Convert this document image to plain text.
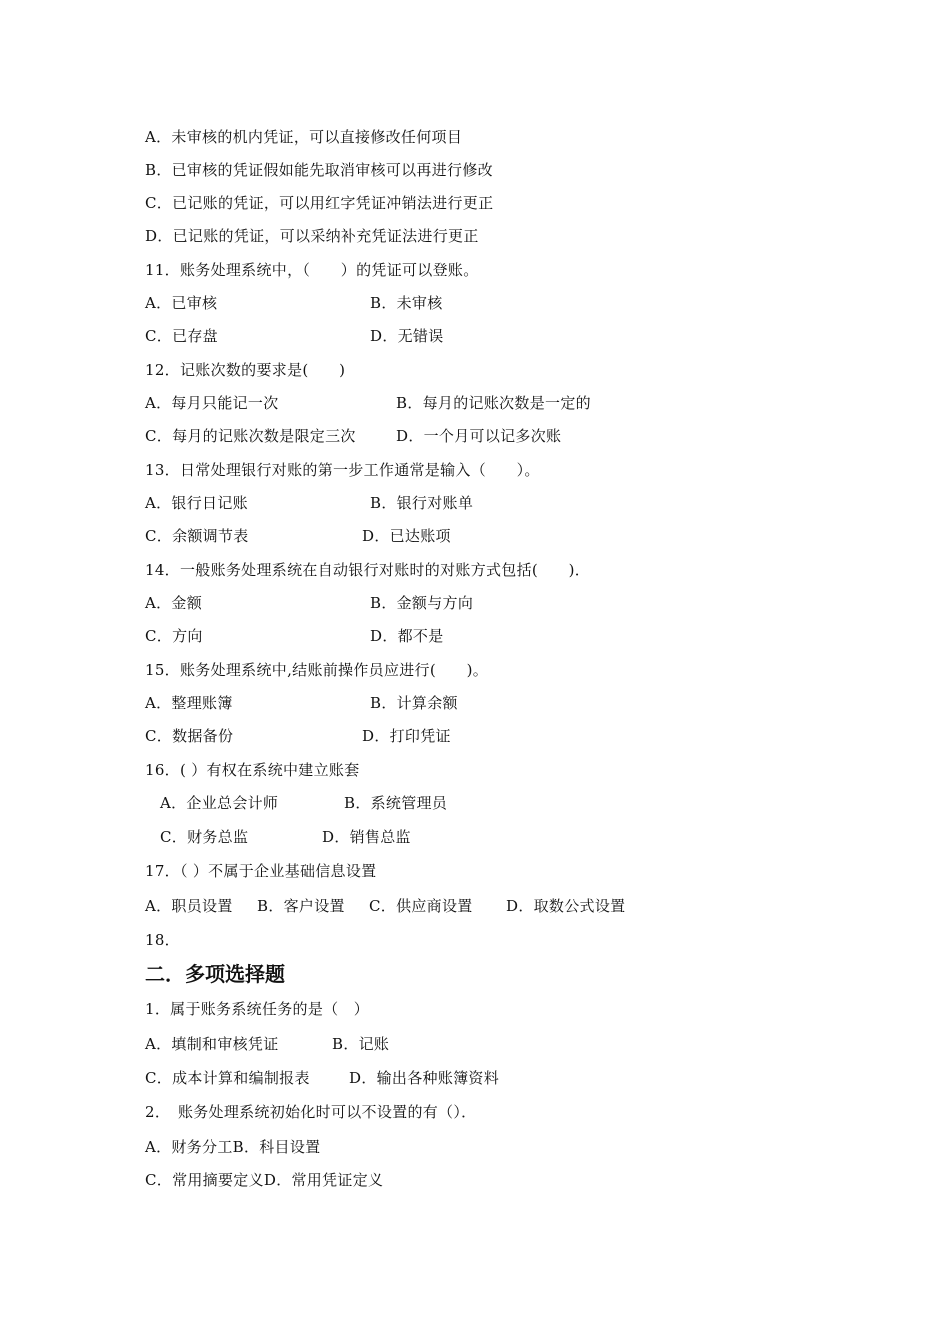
A．未审核的机内凭证，可以直接修改任何项目
B．已审核的凭证假如能先取消审核可以再进行修改
C．已记账的凭证，可以用红字凭证冲销法进行更正
D．已记账的凭证，可以采纳补充凭证法进行更正
11．账务处理系统中，（　　）的凭证可以登账。
A．已审核	B．未审核
C．已存盘	D．无错误
12．记账次数的要求是(　　)
A．每月只能记一次	B．每月的记账次数是一定的
C．每月的记账次数是限定三次	D．一个月可以记多次账
13．日常处理银行对账的第一步工作通常是输入（　　）。
A．银行日记账	B．银行对账单
C．余额调节表	D．已达账项
14．一般账务处理系统在自动银行对账时的对账方式包括(　　)．
A．金额	B．金额与方向
C．方向	D．都不是
15．账务处理系统中,结账前操作员应进行(　　)。
A．整理账簿	B．计算余额
C．数据备份	D．打印凭证
16．( ）有权在系统中建立账套
A．企业总会计师	B．系统管理员
C．财务总监	D．销售总监
17．（ ）不属于企业基础信息设置
A．职员设置 B．客户设置 C．供应商设置 D．取数公式设置
18．
二．多项选择题
1．属于账务系统任务的是（　）
A．填制和审核凭证	B．记账
C．成本计算和编制报表	D．输出各种账簿资料
2．　账务处理系统初始化时可以不设置的有（）．
A．财务分工B．科目设置
C．常用摘要定义D．常用凭证定义
